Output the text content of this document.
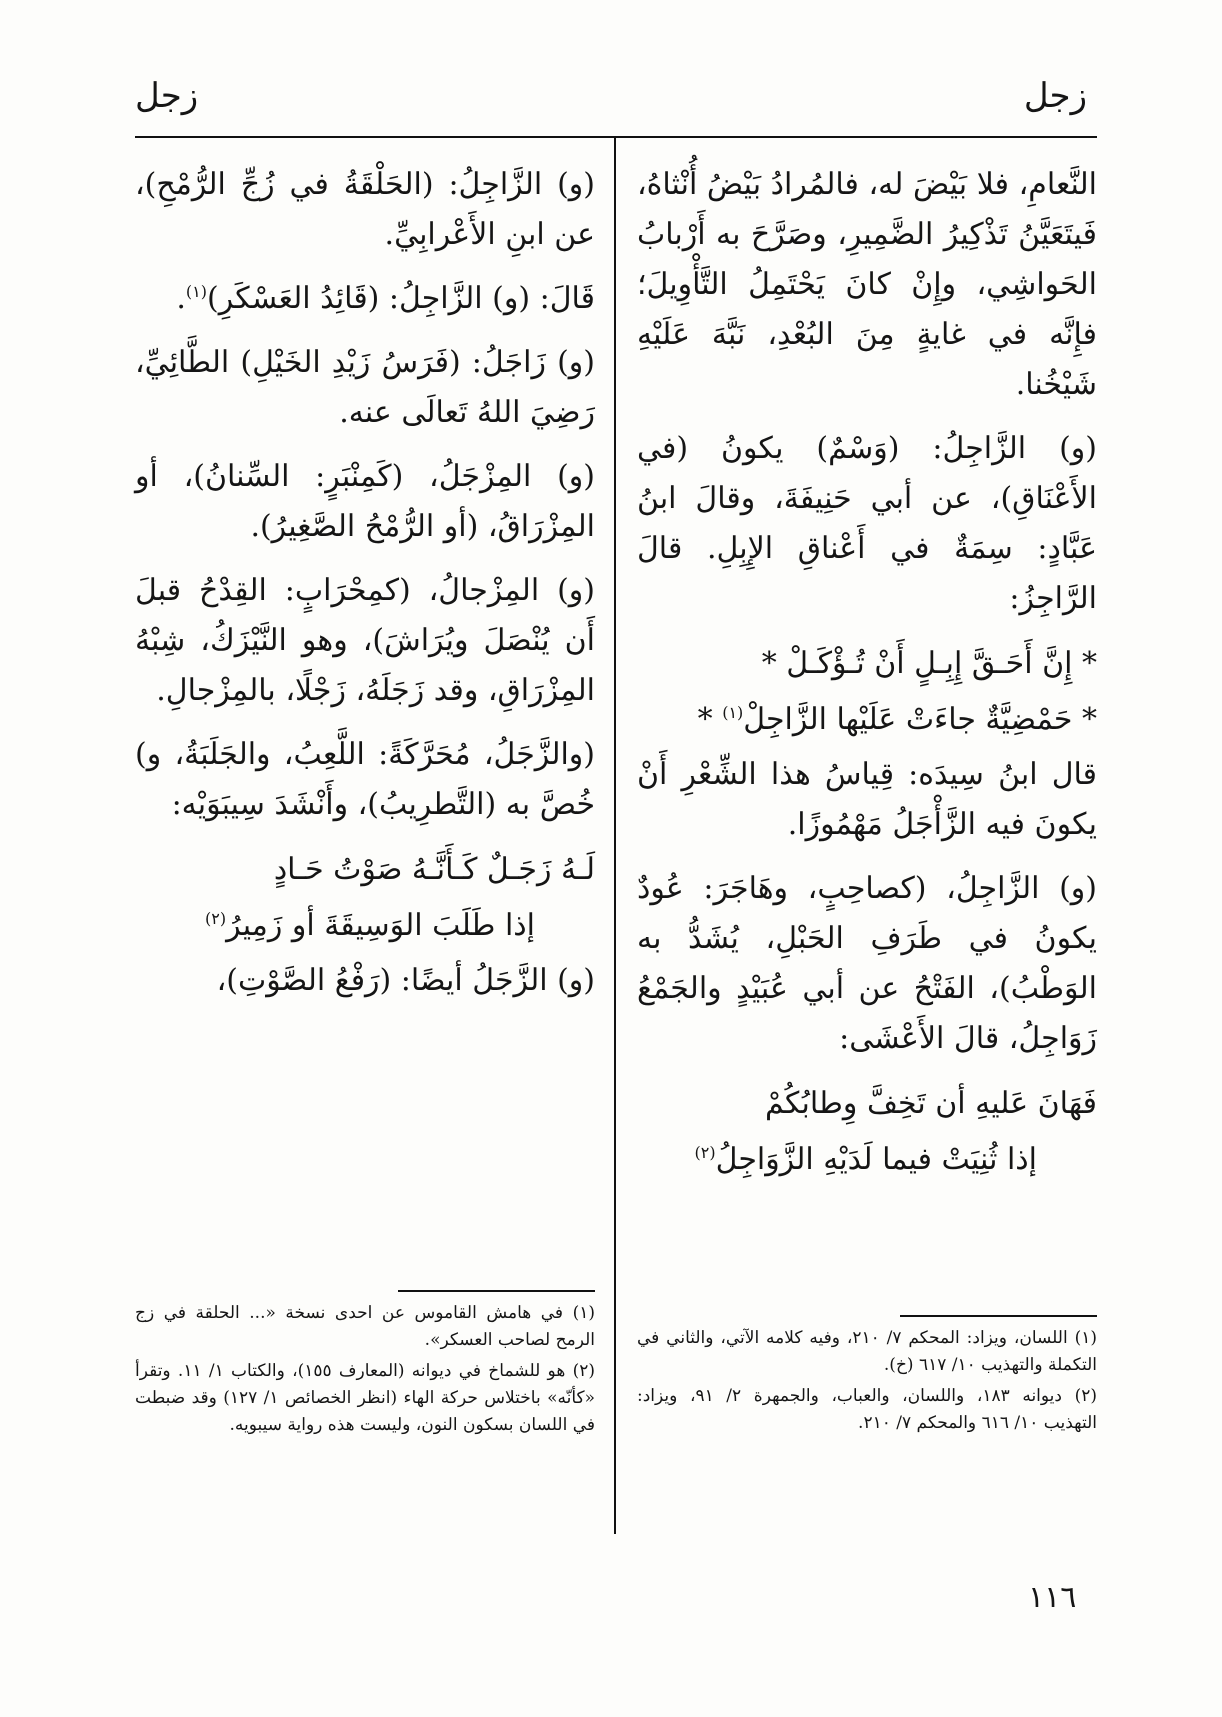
زجل
زجل

النَّعامِ، فلا بَيْضَ له، فالمُرادُ بَيْضُ أُنْثاهُ، فَيتَعَيَّنُ تَذْكِيرُ الضَّمِيرِ، وصَرَّحَ به أَرْبابُ الحَواشِي، وإِنْ كانَ يَحْتَمِلُ التَّأْوِيلَ؛ فإِنَّه في غايةٍ مِنَ البُعْدِ، نَبَّهَ عَلَيْهِ شَيْخُنا.

(و) الزَّاجِلُ: (وَسْمٌ) يكونُ (في الأَعْنَاقِ)، عن أبي حَنِيفَةَ، وقالَ ابنُ عَبَّادٍ: سِمَةٌ في أَعْناقِ الإِبِلِ. قالَ الرَّاجِزُ:

* إِنَّ أَحَـقَّ إِبِـلٍ أَنْ تُـؤْكَـلْ *
* حَمْضِيَّةٌ جاءَتْ عَلَيْها الزَّاجِلْ$^{(١)}$ *

قال ابنُ سِيدَه: قِياسُ هذا الشِّعْرِ أَنْ يكونَ فيه الزَّأْجَلُ مَهْمُوزًا.

(و) الزَّاجِلُ، (كصاحِبٍ، وهَاجَرَ: عُودٌ يكونُ في طَرَفِ الحَبْلِ، يُشَدُّ به الوَطْبُ)، الفَتْحُ عن أبي عُبَيْدٍ والجَمْعُ زَوَاجِلُ، قالَ الأَعْشَى:

فَهَانَ عَليهِ أن تَخِفَّ وِطابُكُمْ
إذا ثُنِيَتْ فيما لَدَيْهِ الزَّوَاجِلُ$^{(٢)}$

(و) الزَّاجِلُ: (الحَلْقَةُ في زُجِّ الرُّمْحِ)، عن ابنِ الأَعْرابِيِّ.

قَالَ: (و) الزَّاجِلُ: (قَائِدُ العَسْكَرِ)$^{(١)}$.

(و) زَاجَلُ: (فَرَسُ زَيْدِ الخَيْلِ) الطَّائِيِّ، رَضِيَ اللهُ تَعالَى عنه.

(و) المِزْجَلُ، (كَمِنْبَرٍ: السِّنانُ)، أو المِزْرَاقُ، (أو الرُّمْحُ الصَّغِيرُ).

(و) المِزْجالُ، (كمِحْرَابٍ: القِدْحُ قبلَ أَن يُنْصَلَ ويُرَاشَ)، وهو النَّيْزَكُ، شِبْهُ المِزْرَاقِ، وقد زَجَلَهُ، زَجْلًا، بالمِزْجالِ.

(والزَّجَلُ، مُحَرَّكَةً: اللَّعِبُ، والجَلَبَةُ، و) خُصَّ به (التَّطرِيبُ)، وأَنْشَدَ سِيبَوَيْه:

لَـهُ زَجَـلٌ كَـأَنَّـهُ صَوْتُ حَـادٍ
إذا طَلَبَ الوَسِيقَةَ أو زَمِيرُ$^{(٢)}$

(و) الزَّجَلُ أيضًا: (رَفْعُ الصَّوْتِ)،

(١) اللسان، ويزاد: المحكم ٧/ ٢١٠، وفيه كلامه الآتي، والثاني في التكملة والتهذيب ١٠/ ٦١٧ (خ).

(٢) ديوانه ١٨٣، واللسان، والعباب، والجمهرة ٢/ ٩١، ويزاد: التهذيب ١٠/ ٦١٦ والمحكم ٧/ ٢١٠.

(١) في هامش القاموس عن احدى نسخة «... الحلقة في زج الرمح لصاحب العسكر».

(٢) هو للشماخ في ديوانه (المعارف ١٥٥)، والكتاب ١/ ١١. وتقرأ «كأنّه» باختلاس حركة الهاء (انظر الخصائص ١/ ١٢٧) وقد ضبطت في اللسان بسكون النون، وليست هذه رواية سيبويه.

١١٦
